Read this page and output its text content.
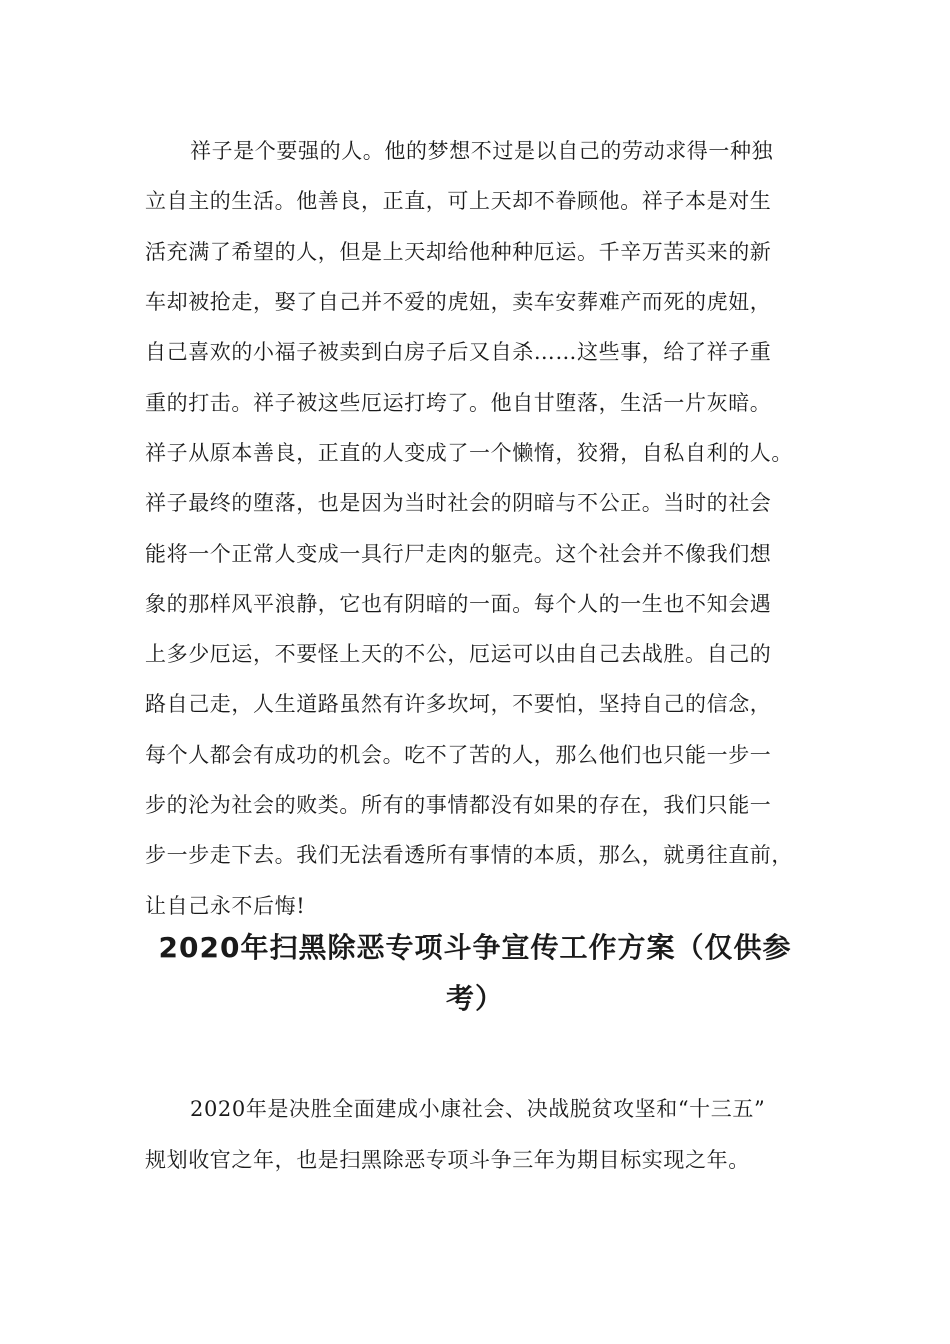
祥子是个要强的人。他的梦想不过是以自己的劳动求得一种独
立自主的生活。他善良，正直，可上天却不眷顾他。祥子本是对生
活充满了希望的人，但是上天却给他种种厄运。千辛万苦买来的新
车却被抢走，娶了自己并不爱的虎妞，卖车安葬难产而死的虎妞，
自己喜欢的小福子被卖到白房子后又自杀……这些事，给了祥子重
重的打击。祥子被这些厄运打垮了。他自甘堕落，生活一片灰暗。
祥子从原本善良，正直的人变成了一个懒惰，狡猾，自私自利的人。
祥子最终的堕落，也是因为当时社会的阴暗与不公正。当时的社会
能将一个正常人变成一具行尸走肉的躯壳。这个社会并不像我们想
象的那样风平浪静，它也有阴暗的一面。每个人的一生也不知会遇
上多少厄运，不要怪上天的不公，厄运可以由自己去战胜。自己的
路自己走，人生道路虽然有许多坎坷，不要怕，坚持自己的信念，
每个人都会有成功的机会。吃不了苦的人，那么他们也只能一步一
步的沦为社会的败类。所有的事情都没有如果的存在，我们只能一
步一步走下去。我们无法看透所有事情的本质，那么，就勇往直前，
让自己永不后悔!
2020年扫黑除恶专项斗争宣传工作方案（仅供参
考）
2020年是决胜全面建成小康社会、决战脱贫攻坚和“十三五”
规划收官之年，也是扫黑除恶专项斗争三年为期目标实现之年。
